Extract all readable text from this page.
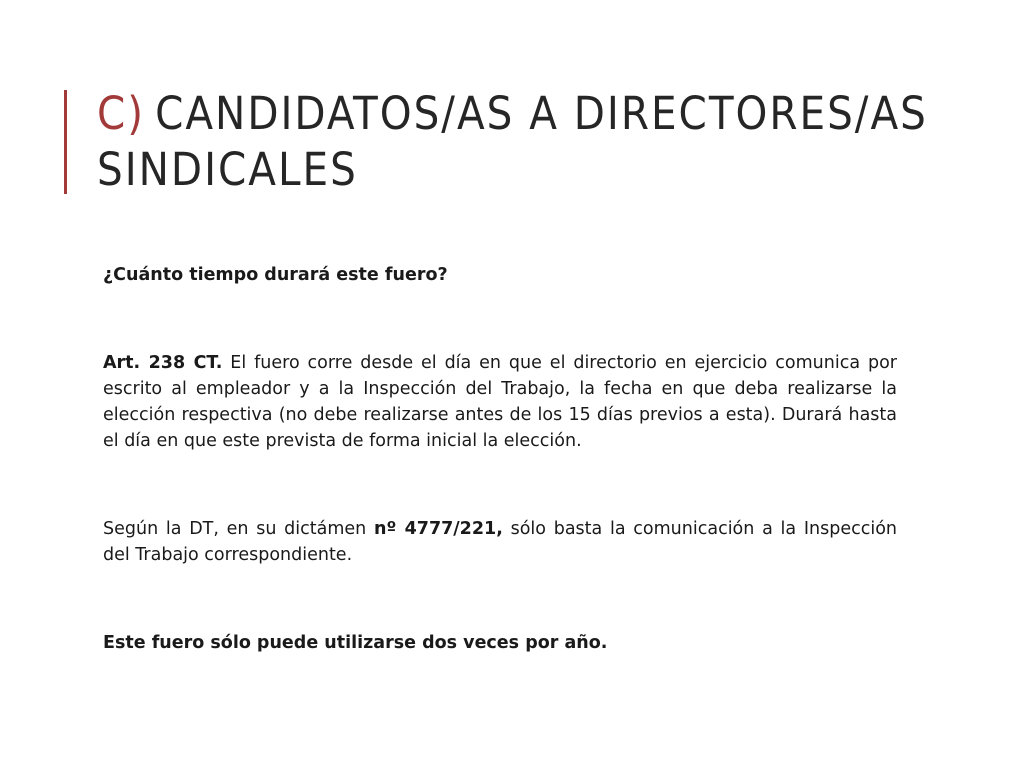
C) CANDIDATOS/AS A DIRECTORES/AS SINDICALES

¿Cuánto tiempo durará este fuero?

Art. 238 CT. El fuero corre desde el día en que el directorio en ejercicio comunica por escrito al empleador y a la Inspección del Trabajo, la fecha en que deba realizarse la elección respectiva (no debe realizarse antes de los 15 días previos a esta). Durará hasta el día en que este prevista de forma inicial la elección.

Según la DT, en su dictámen nº 4777/221, sólo basta la comunicación a la Inspección del Trabajo correspondiente.

Este fuero sólo puede utilizarse dos veces por año.
